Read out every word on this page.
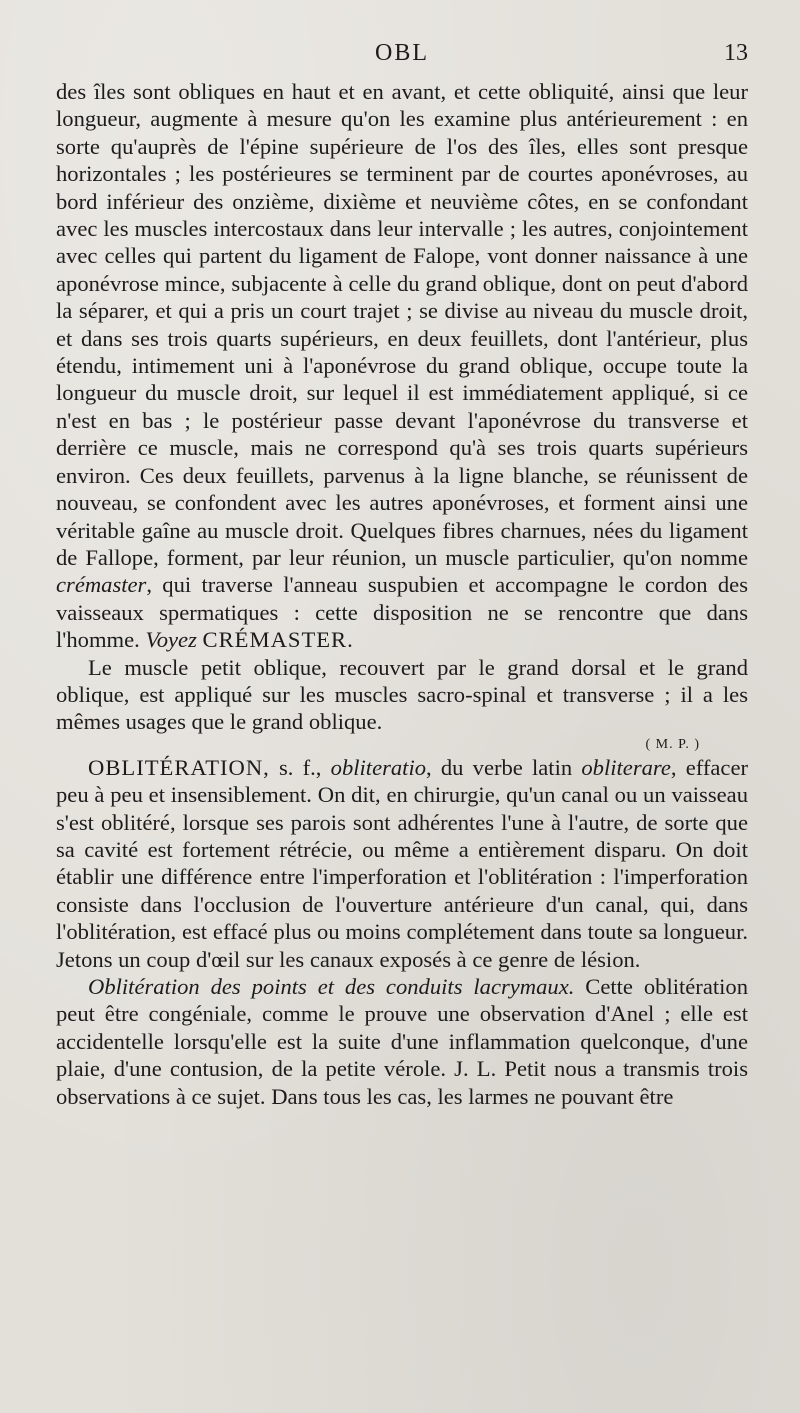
OBL	13

des îles sont obliques en haut et en avant, et cette obliquité, ainsi que leur longueur, augmente à mesure qu'on les examine plus antérieurement : en sorte qu'auprès de l'épine supérieure de l'os des îles, elles sont presque horizontales ; les postérieures se terminent par de courtes aponévroses, au bord inférieur des onzième, dixième et neuvième côtes, en se confondant avec les muscles intercostaux dans leur intervalle ; les autres, conjointement avec celles qui partent du ligament de Falope, vont donner naissance à une aponévrose mince, subjacente à celle du grand oblique, dont on peut d'abord la séparer, et qui a pris un court trajet ; se divise au niveau du muscle droit, et dans ses trois quarts supérieurs, en deux feuillets, dont l'antérieur, plus étendu, intimement uni à l'aponévrose du grand oblique, occupe toute la longueur du muscle droit, sur lequel il est immédiatement appliqué, si ce n'est en bas ; le postérieur passe devant l'aponévrose du transverse et derrière ce muscle, mais ne correspond qu'à ses trois quarts supérieurs environ. Ces deux feuillets, parvenus à la ligne blanche, se réunissent de nouveau, se confondent avec les autres aponévroses, et forment ainsi une véritable gaîne au muscle droit. Quelques fibres charnues, nées du ligament de Fallope, forment, par leur réunion, un muscle particulier, qu'on nomme crémaster, qui traverse l'anneau suspubien et accompagne le cordon des vaisseaux spermatiques : cette disposition ne se rencontre que dans l'homme. Voyez CRÉMASTER.

Le muscle petit oblique, recouvert par le grand dorsal et le grand oblique, est appliqué sur les muscles sacro-spinal et transverse ; il a les mêmes usages que le grand oblique.

( M. P. )

OBLITÉRATION, s. f., obliteratio, du verbe latin obliterare, effacer peu à peu et insensiblement. On dit, en chirurgie, qu'un canal ou un vaisseau s'est oblitéré, lorsque ses parois sont adhérentes l'une à l'autre, de sorte que sa cavité est fortement rétrécie, ou même a entièrement disparu. On doit établir une différence entre l'imperforation et l'oblitération : l'imperforation consiste dans l'occlusion de l'ouverture antérieure d'un canal, qui, dans l'oblitération, est effacé plus ou moins complétement dans toute sa longueur. Jetons un coup d'œil sur les canaux exposés à ce genre de lésion.

Oblitération des points et des conduits lacrymaux. Cette oblitération peut être congéniale, comme le prouve une observation d'Anel ; elle est accidentelle lorsqu'elle est la suite d'une inflammation quelconque, d'une plaie, d'une contusion, de la petite vérole. J. L. Petit nous a transmis trois observations à ce sujet. Dans tous les cas, les larmes ne pouvant être
